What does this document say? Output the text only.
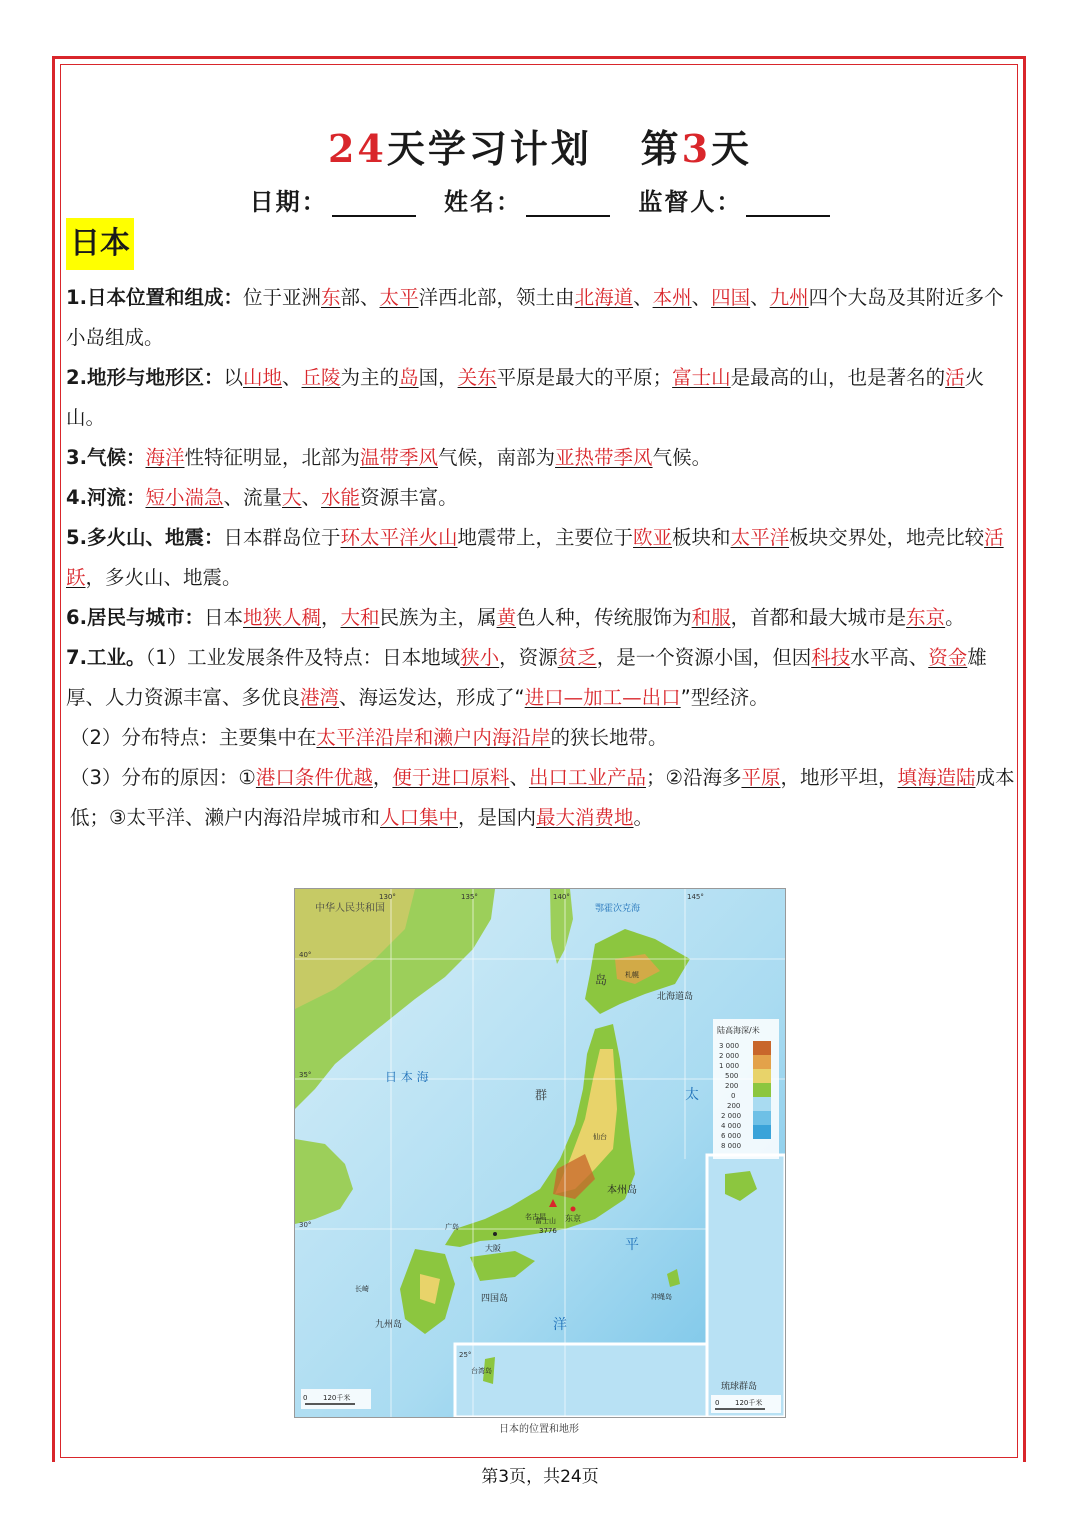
24天学习计划 第3天
日期：	姓名：	监督人：
日本

1.日本位置和组成：位于亚洲东部、太平洋西北部，领土由北海道、本州、四国、九州四个大岛及其附近多个小岛组成。

2.地形与地形区：以山地、丘陵为主的岛国，关东平原是最大的平原；富士山是最高的山，也是著名的活火山。

3.气候：海洋性特征明显，北部为温带季风气候，南部为亚热带季风气候。

4.河流：短小湍急、流量大、水能资源丰富。

5.多火山、地震：日本群岛位于环太平洋火山地震带上，主要位于欧亚板块和太平洋板块交界处，地壳比较活跃，多火山、地震。

6.居民与城市：日本地狭人稠，大和民族为主，属黄色人种，传统服饰为和服，首都和最大城市是东京。

7.工业。（1）工业发展条件及特点：日本地域狭小，资源贫乏，是一个资源小国，但因科技水平高、资金雄厚、人力资源丰富、多优良港湾、海运发达，形成了“进口—加工—出口”型经济。

（2）分布特点：主要集中在太平洋沿岸和濑户内海沿岸的狭长地带。

（3）分布的原因：①港口条件优越，便于进口原料、出口工业产品；②沿海多平原，地形平坦，填海造陆成本低；③太平洋、濑户内海沿岸城市和人口集中，是国内最大消费地。

陆高海深/米
3 000
2 000
1 000
500
200
0
200
2 000
4 000
6 000
8 000
中华人民共和国	鄂霍次克海
日 本 海
太
平
洋
群
岛
北海道岛
本州岛
四国岛
九州岛
东京
大阪
富士山
3776
札幌
仙台
名古屋
广岛
长崎
冲绳岛
琉球群岛
台湾岛
130°	135°	140°	145°
40°
35°
30°
25°
0 120千米
0 120千米
日本的位置和地形
第3页，共24页
